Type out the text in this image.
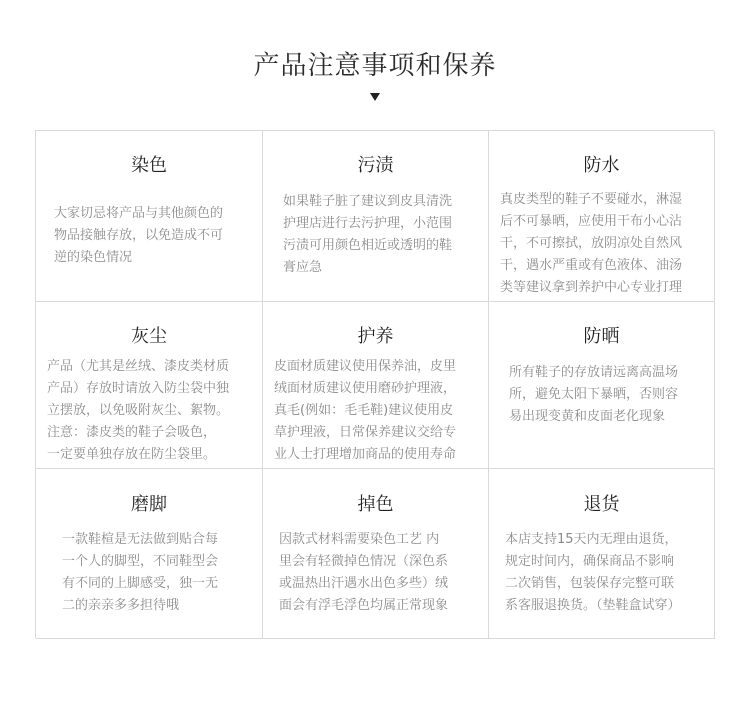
产品注意事项和保养
染色
大家切忌将产品与其他颜色的
物品接触存放，以免造成不可
逆的染色情况
污渍
如果鞋子脏了建议到皮具清洗
护理店进行去污护理，小范围
污渍可用颜色相近或透明的鞋
膏应急
防水
真皮类型的鞋子不要碰水，淋湿
后不可暴晒，应使用干布小心沾
干，不可擦拭，放阴凉处自然风
干，遇水严重或有色液体、油汤
类等建议拿到养护中心专业打理
灰尘
产品（尤其是丝绒、漆皮类材质
产品）存放时请放入防尘袋中独
立摆放，以免吸附灰尘、絮物。
注意：漆皮类的鞋子会吸色，
一定要单独存放在防尘袋里。
护养
皮面材质建议使用保养油，皮里
绒面材质建议使用磨砂护理液，
真毛(例如：毛毛鞋)建议使用皮
草护理液，日常保养建议交给专
业人士打理增加商品的使用寿命
防晒
所有鞋子的存放请远离高温场
所，避免太阳下暴晒，否则容
易出现变黄和皮面老化现象
磨脚
一款鞋楦是无法做到贴合每
一个人的脚型，不同鞋型会
有不同的上脚感受，独一无
二的亲亲多多担待哦
掉色
因款式材料需要染色工艺 内
里会有轻微掉色情况（深色系
或温热出汗遇水出色多些）绒
面会有浮毛浮色均属正常现象
退货
本店支持15天内无理由退货，
规定时间内，确保商品不影响
二次销售，包装保存完整可联
系客服退换货。（垫鞋盒试穿）
